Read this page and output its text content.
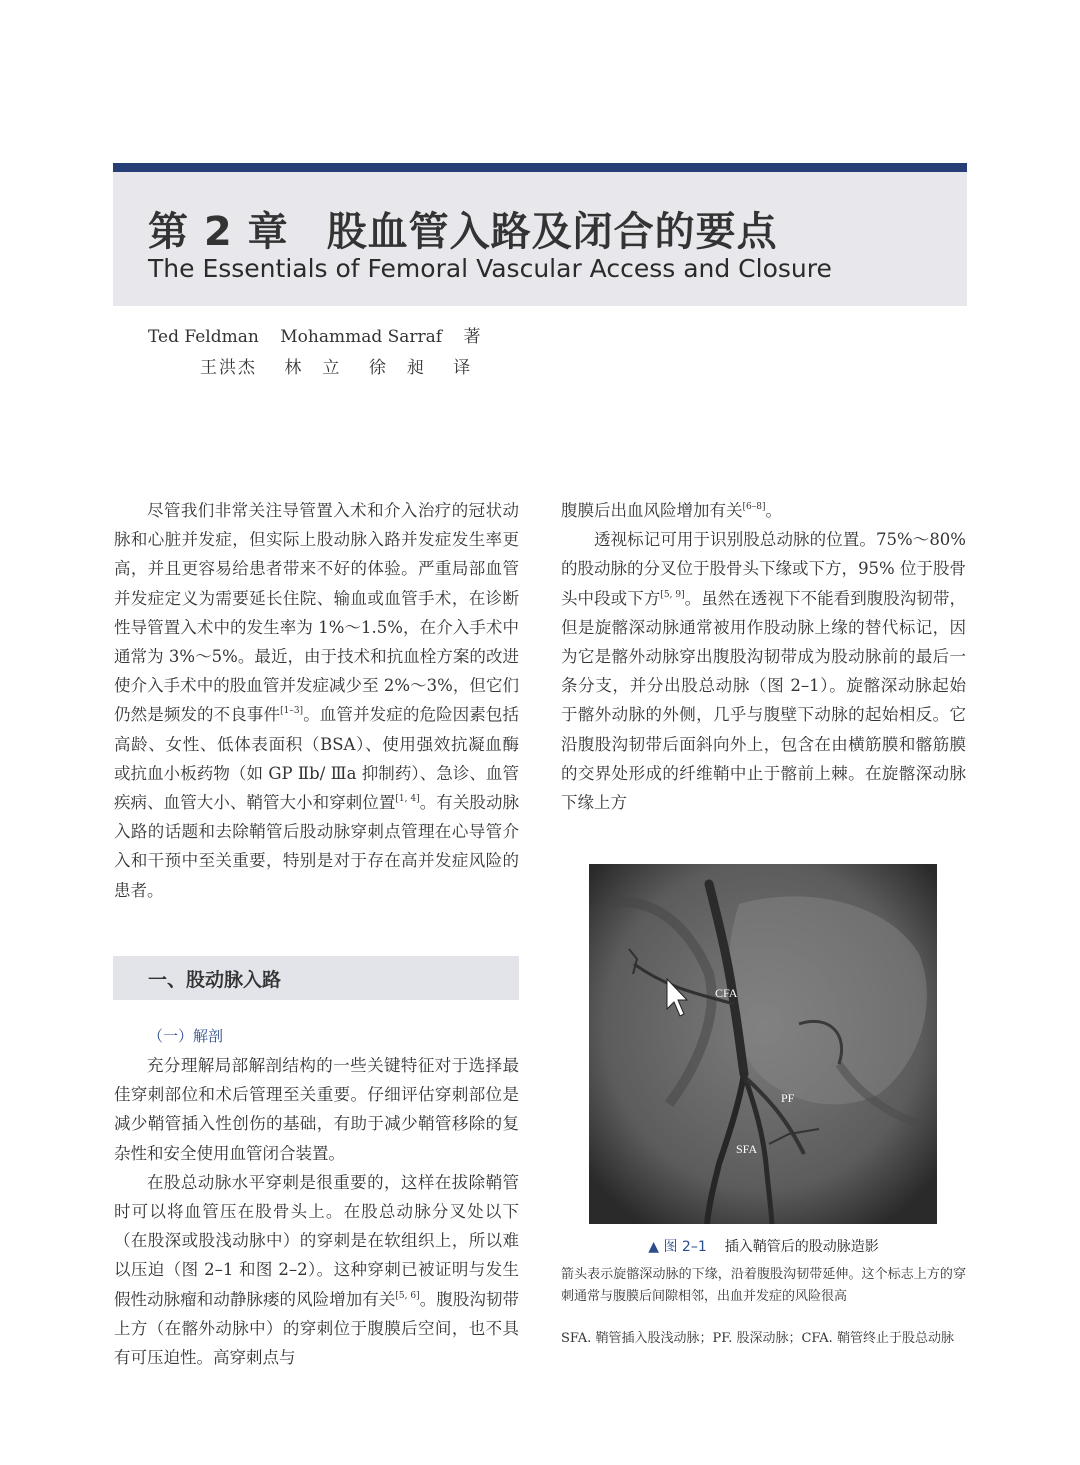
第 2 章 股血管入路及闭合的要点
The Essentials of Femoral Vascular Access and Closure
Ted Feldman Mohammad Sarraf 著
王洪杰 林　立 徐　昶 译

尽管我们非常关注导管置入术和介入治疗的冠状动脉和心脏并发症，但实际上股动脉入路并发症发生率更高，并且更容易给患者带来不好的体验。严重局部血管并发症定义为需要延长住院、输血或血管手术，在诊断性导管置入术中的发生率为 1%～1.5%，在介入手术中通常为 3%～5%。最近，由于技术和抗血栓方案的改进使介入手术中的股血管并发症减少至 2%～3%，但它们仍然是频发的不良事件[1–3]。血管并发症的危险因素包括高龄、女性、低体表面积（BSA）、使用强效抗凝血酶或抗血小板药物（如 GP Ⅱb/ Ⅲa 抑制药）、急诊、血管疾病、血管大小、鞘管大小和穿刺位置[1, 4]。有关股动脉入路的话题和去除鞘管后股动脉穿刺点管理在心导管介入和干预中至关重要，特别是对于存在高并发症风险的患者。

腹膜后出血风险增加有关[6–8]。

透视标记可用于识别股总动脉的位置。75%～80% 的股动脉的分叉位于股骨头下缘或下方，95% 位于股骨头中段或下方[5, 9]。虽然在透视下不能看到腹股沟韧带，但是旋髂深动脉通常被用作股动脉上缘的替代标记，因为它是髂外动脉穿出腹股沟韧带成为股动脉前的最后一条分支，并分出股总动脉（图 2–1）。旋髂深动脉起始于髂外动脉的外侧，几乎与腹壁下动脉的起始相反。它沿腹股沟韧带后面斜向外上，包含在由横筋膜和髂筋膜的交界处形成的纤维鞘中止于髂前上棘。在旋髂深动脉下缘上方

一、股动脉入路
（一）解剖

充分理解局部解剖结构的一些关键特征对于选择最佳穿刺部位和术后管理至关重要。仔细评估穿刺部位是减少鞘管插入性创伤的基础，有助于减少鞘管移除的复杂性和安全使用血管闭合装置。

在股总动脉水平穿刺是很重要的，这样在拔除鞘管时可以将血管压在股骨头上。在股总动脉分叉处以下（在股深或股浅动脉中）的穿刺是在软组织上，所以难以压迫（图 2–1 和图 2–2）。这种穿刺已被证明与发生假性动脉瘤和动静脉瘘的风险增加有关[5, 6]。腹股沟韧带上方（在髂外动脉中）的穿刺位于腹膜后空间，也不具有可压迫性。高穿刺点与

CFA
PF
SFA
▲ 图 2–1 插入鞘管后的股动脉造影
箭头表示旋髂深动脉的下缘，沿着腹股沟韧带延伸。这个标志上方的穿刺通常与腹膜后间隙相邻，出血并发症的风险很高
SFA. 鞘管插入股浅动脉；PF. 股深动脉；CFA. 鞘管终止于股总动脉
